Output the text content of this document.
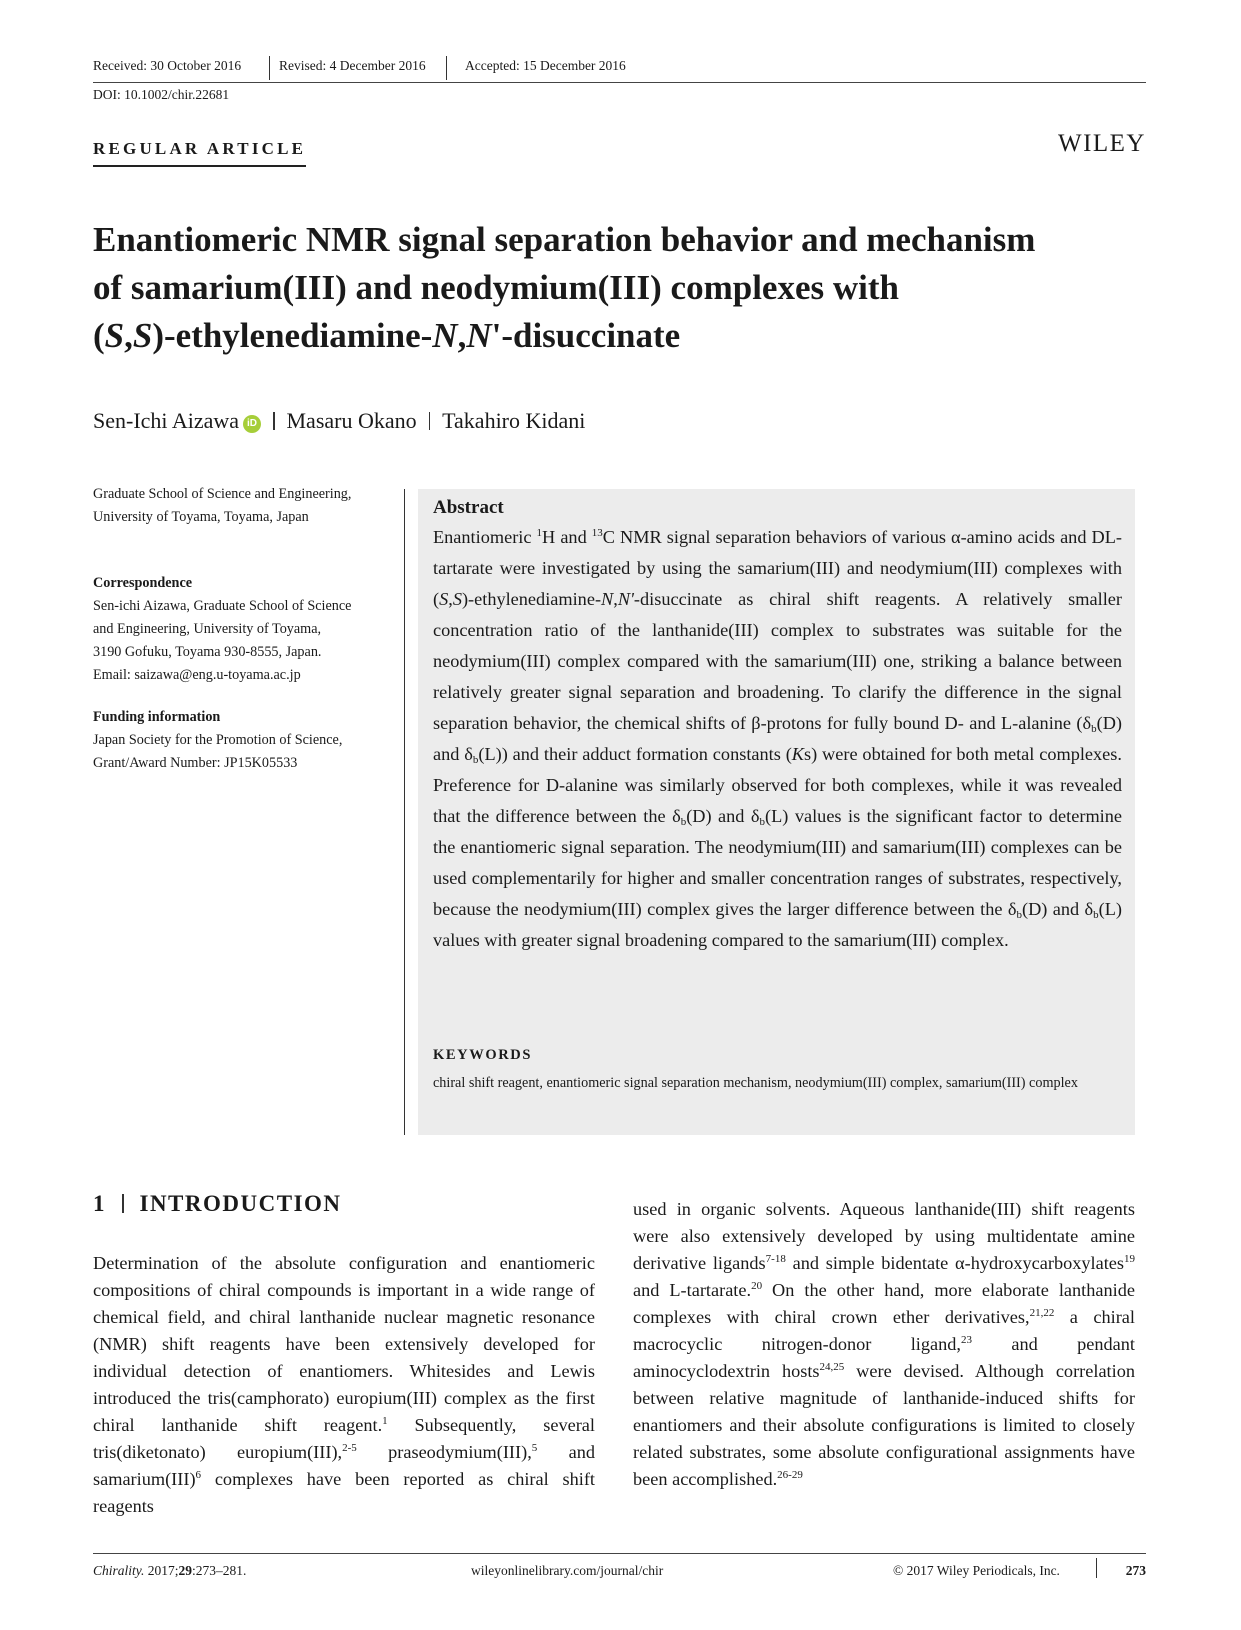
Received: 30 October 2016	Revised: 4 December 2016	Accepted: 15 December 2016
DOI: 10.1002/chir.22681
REGULAR ARTICLE	WILEY
Enantiomeric NMR signal separation behavior and mechanism
of samarium(III) and neodymium(III) complexes with
(S,S)-ethylenediamine-N,N'-disuccinate
Sen-Ichi Aizawa iD Masaru Okano Takahiro Kidani

Graduate School of Science and Engineering, University of Toyama, Toyama, Japan

Correspondence

Sen-ichi Aizawa, Graduate School of Science

and Engineering, University of Toyama,

3190 Gofuku, Toyama 930-8555, Japan.

Email: saizawa@eng.u-toyama.ac.jp

Funding information

Japan Society for the Promotion of Science,

Grant/Award Number: JP15K05533

Abstract

Enantiomeric $^1$H and $^{13}$C NMR signal separation behaviors of various α-amino acids and DL-tartarate were investigated by using the samarium(III) and neodymium(III) complexes with (S,S)-ethylenediamine-N,N'-disuccinate as chiral shift reagents. A relatively smaller concentration ratio of the lanthanide(III) complex to substrates was suitable for the neodymium(III) complex compared with the samarium(III) one, striking a balance between relatively greater signal separation and broadening. To clarify the difference in the signal separation behavior, the chemical shifts of β-protons for fully bound D- and L-alanine ($\delta_b(D)$ and $\delta_b(L)$) and their adduct formation constants (Ks) were obtained for both metal complexes. Preference for D-alanine was similarly observed for both complexes, while it was revealed that the difference between the $\delta_b(D)$ and $\delta_b(L)$ values is the significant factor to determine the enantiomeric signal separation. The neodymium(III) and samarium(III) complexes can be used complementarily for higher and smaller concentration ranges of substrates, respectively, because the neodymium(III) complex gives the larger difference between the $\delta_b(D)$ and $\delta_b(L)$ values with greater signal broadening compared to the samarium(III) complex.

KEYWORDS

chiral shift reagent, enantiomeric signal separation mechanism, neodymium(III) complex, samarium(III) complex

1 INTRODUCTION

Determination of the absolute configuration and enantiomeric compositions of chiral compounds is important in a wide range of chemical field, and chiral lanthanide nuclear magnetic resonance (NMR) shift reagents have been extensively developed for individual detection of enantiomers. Whitesides and Lewis introduced the tris(camphorato) europium(III) complex as the first chiral lanthanide shift reagent.$^1$ Subsequently, several tris(diketonato) europium(III),$^{2-5}$ praseodymium(III),$^5$ and samarium(III)$^6$ complexes have been reported as chiral shift reagents

used in organic solvents. Aqueous lanthanide(III) shift reagents were also extensively developed by using multidentate amine derivative ligands$^{7-18}$ and simple bidentate α-hydroxycarboxylates$^{19}$ and L-tartarate.$^{20}$ On the other hand, more elaborate lanthanide complexes with chiral crown ether derivatives,$^{21,22}$ a chiral macrocyclic nitrogen-donor ligand,$^{23}$ and pendant aminocyclodextrin hosts$^{24,25}$ were devised. Although correlation between relative magnitude of lanthanide-induced shifts for enantiomers and their absolute configurations is limited to closely related substrates, some absolute configurational assignments have been accomplished.$^{26-29}$

Chirality. 2017;29:273–281.	wileyonlinelibrary.com/journal/chir	© 2017 Wiley Periodicals, Inc.	273
